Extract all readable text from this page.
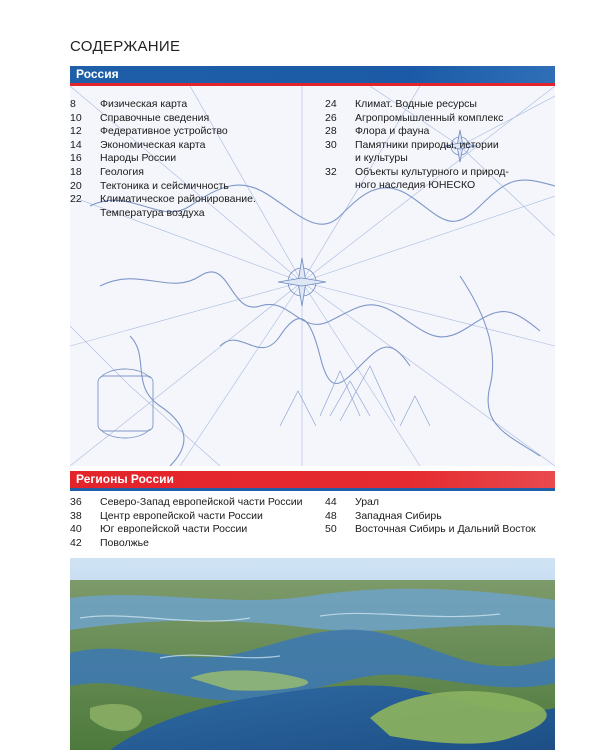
СОДЕРЖАНИЕ
Россия
8 Физическая карта
10 Справочные сведения
12 Федеративное устройство
14 Экономическая карта
16 Народы России
18 Геология
20 Тектоника и сейсмичность
22 Климатическое районирование.
Температура воздуха
24 Климат. Водные ресурсы
26 Агропромышленный комплекс
28 Флора и фауна
30 Памятники природы, истории
и культуры
32 Объекты культурного и природ-
ного наследия ЮНЕСКО
Регионы России
36 Северо-Запад европейской части России
38 Центр европейской части России
40 Юг европейской части России
42 Поволжье
44 Урал
48 Западная Сибирь
50 Восточная Сибирь и Дальний Восток
